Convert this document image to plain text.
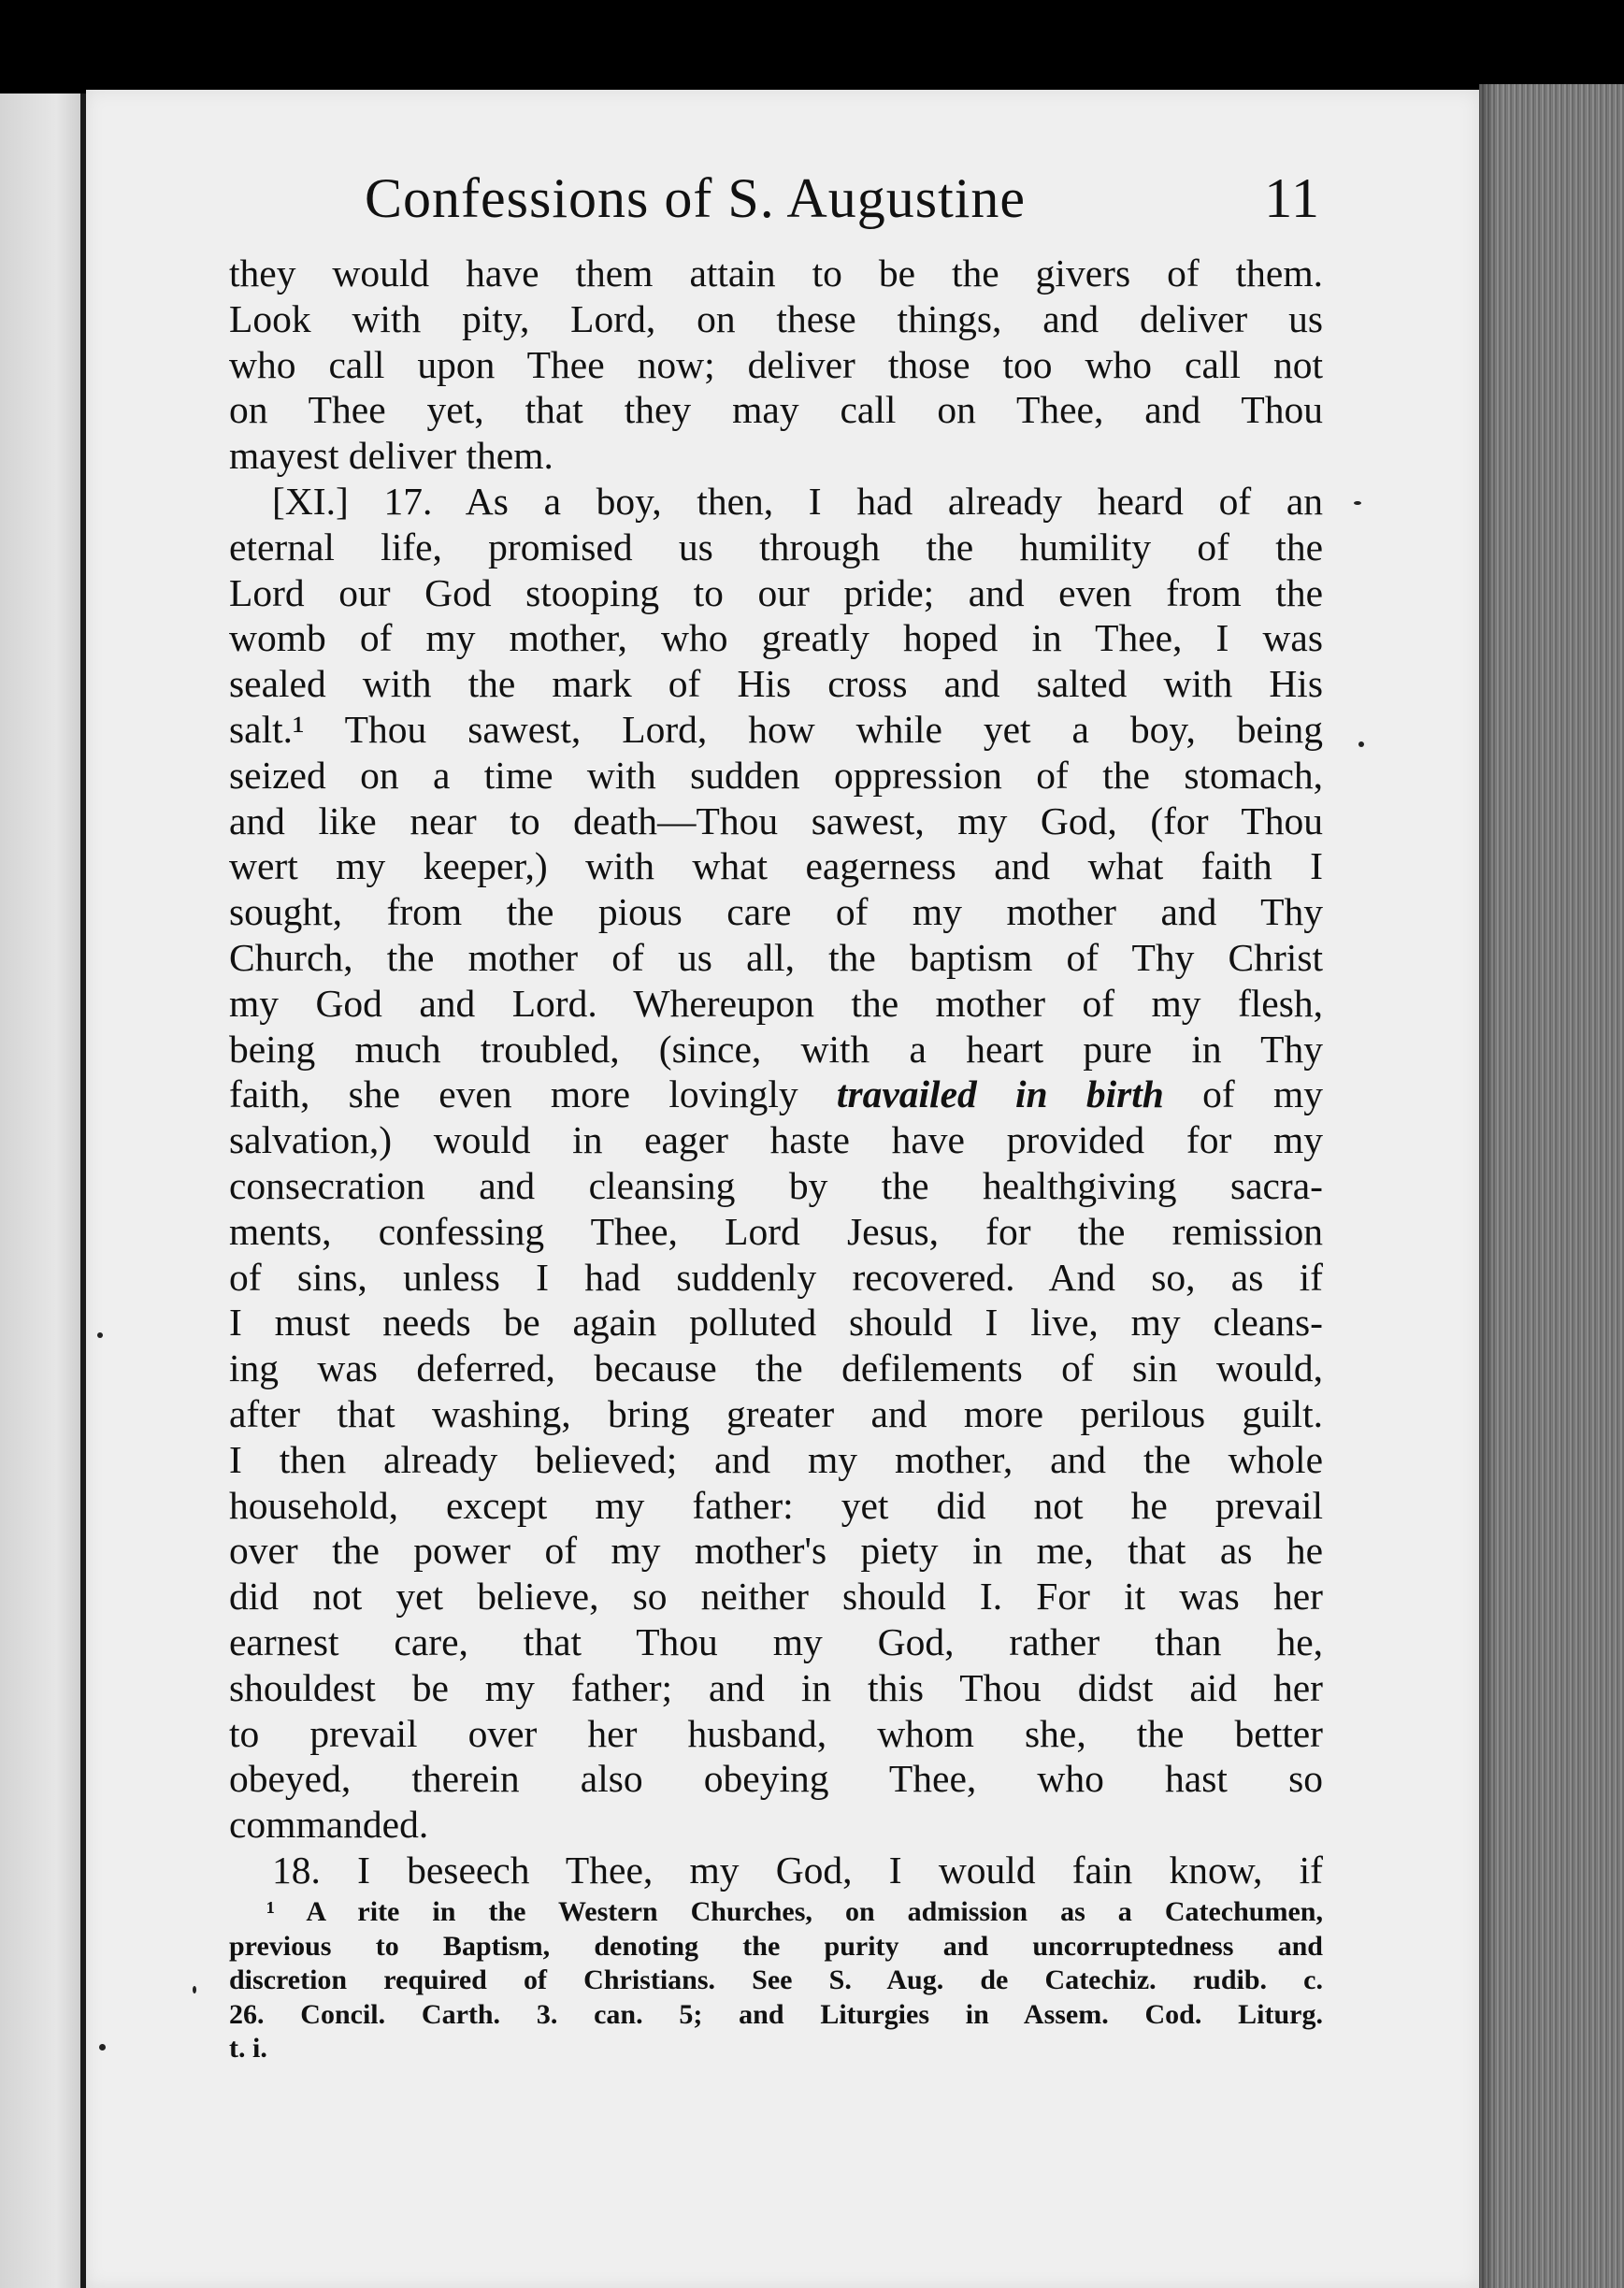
Confessions of S. Augustine	11

they would have them attain to be the givers of them.
Look with pity, Lord, on these things, and deliver us
who call upon Thee now; deliver those too who call not
on Thee yet, that they may call on Thee, and Thou
mayest deliver them.

[XI.] 17. As a boy, then, I had already heard of an
eternal life, promised us through the humility of the
Lord our God stooping to our pride; and even from the
womb of my mother, who greatly hoped in Thee, I was
sealed with the mark of His cross and salted with His
salt.¹ Thou sawest, Lord, how while yet a boy, being
seized on a time with sudden oppression of the stomach,
and like near to death—Thou sawest, my God, (for Thou
wert my keeper,) with what eagerness and what faith I
sought, from the pious care of my mother and Thy
Church, the mother of us all, the baptism of Thy Christ
my God and Lord. Whereupon the mother of my flesh,
being much troubled, (since, with a heart pure in Thy
faith, she even more lovingly travailed in birth of my
salvation,) would in eager haste have provided for my
consecration and cleansing by the healthgiving sacra-
ments, confessing Thee, Lord Jesus, for the remission
of sins, unless I had suddenly recovered. And so, as if
I must needs be again polluted should I live, my cleans-
ing was deferred, because the defilements of sin would,
after that washing, bring greater and more perilous guilt.
I then already believed; and my mother, and the whole
household, except my father: yet did not he prevail
over the power of my mother's piety in me, that as he
did not yet believe, so neither should I. For it was her
earnest care, that Thou my God, rather than he,
shouldest be my father; and in this Thou didst aid her
to prevail over her husband, whom she, the better
obeyed, therein also obeying Thee, who hast so
commanded.

18. I beseech Thee, my God, I would fain know, if

¹ A rite in the Western Churches, on admission as a Catechumen,
previous to Baptism, denoting the purity and uncorruptedness and
discretion required of Christians. See S. Aug. de Catechiz. rudib. c.
26. Concil. Carth. 3. can. 5; and Liturgies in Assem. Cod. Liturg.
t. i.
